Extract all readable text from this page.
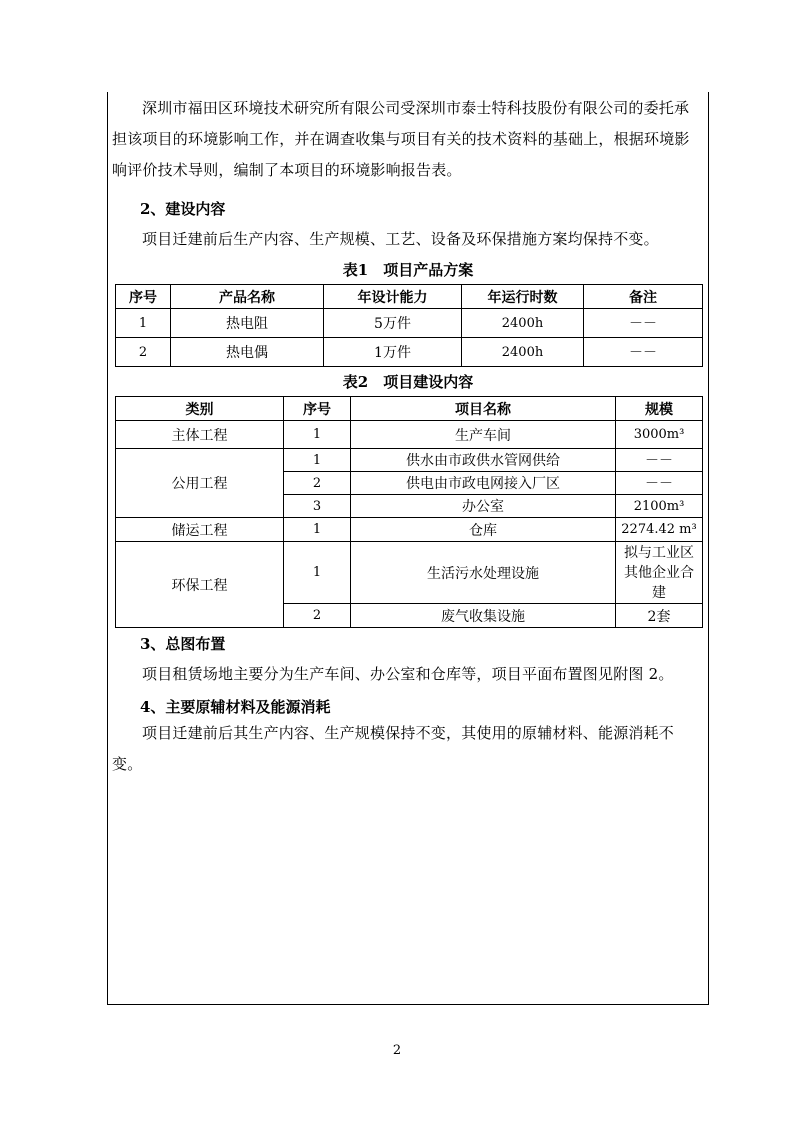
深圳市福田区环境技术研究所有限公司受深圳市泰士特科技股份有限公司的委托承担该项目的环境影响工作，并在调查收集与项目有关的技术资料的基础上，根据环境影响评价技术导则，编制了本项目的环境影响报告表。

2、建设内容

项目迁建前后生产内容、生产规模、工艺、设备及环保措施方案均保持不变。

表1　项目产品方案

序号	产品名称	年设计能力	年运行时数	备注
1	热电阻	5万件	2400h	－－
2	热电偶	1万件	2400h	－－

表2　项目建设内容

类别	序号	项目名称	规模
主体工程	1	生产车间	3000m³
公用工程	1	供水由市政供水管网供给	－－
	2	供电由市政电网接入厂区	－－
	3	办公室	2100m³
储运工程	1	仓库	2274.42 m³
环保工程	1	生活污水处理设施	拟与工业区其他企业合建
	2	废气收集设施	2套

3、总图布置

项目租赁场地主要分为生产车间、办公室和仓库等，项目平面布置图见附图 2。

4、主要原辅材料及能源消耗

项目迁建前后其生产内容、生产规模保持不变，其使用的原辅材料、能源消耗不变。

2
